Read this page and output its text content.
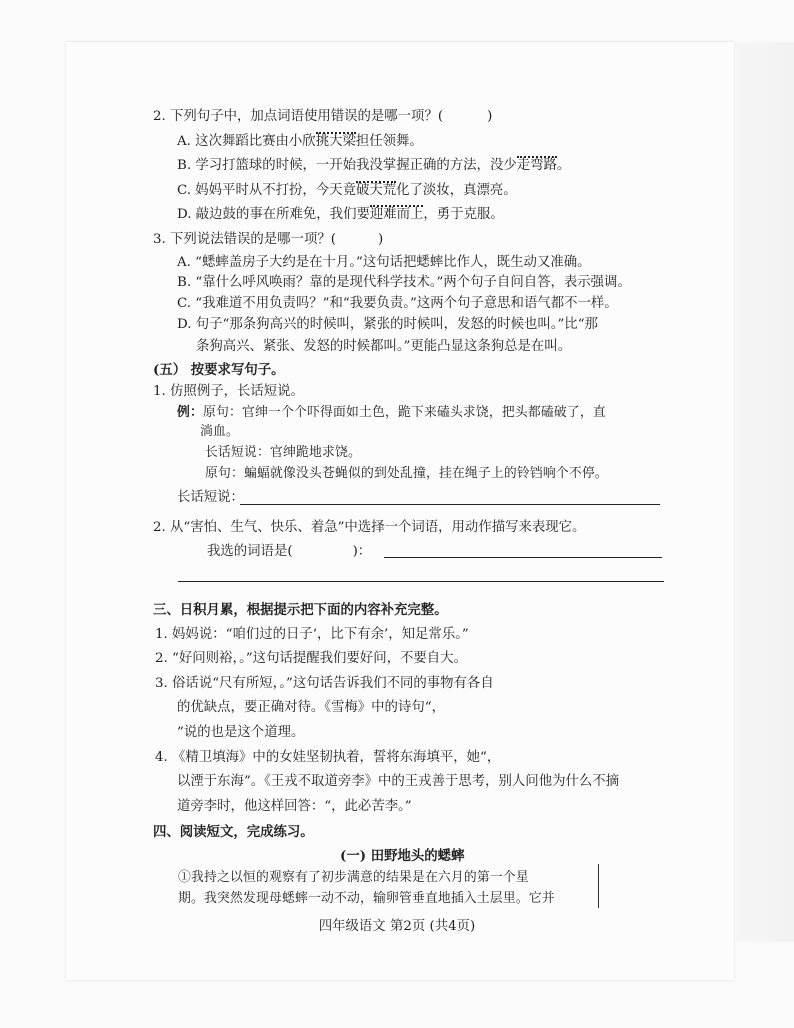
2. 下列句子中，加点词语使用错误的是哪一项？(	)
A. 这次舞蹈比赛由小欣挑大梁担任领舞。
B. 学习打篮球的时候，一开始我没掌握正确的方法，没少走弯路。
C. 妈妈平时从不打扮，今天竟破天荒化了淡妆，真漂亮。
D. 敲边鼓的事在所难免，我们要迎难而上，勇于克服。
3. 下列说法错误的是哪一项？(	)
A. “蟋蟀盖房子大约是在十月。”这句话把蟋蟀比作人，既生动又准确。
B. “靠什么呼风唤雨？靠的是现代科学技术。”两个句子自问自答，表示强调。
C. “我难道不用负责吗？”和“我要负责。”这两个句子意思和语气都不一样。
D. 句子“那条狗高兴的时候叫，紧张的时候叫，发怒的时候也叫。”比“那
条狗高兴、紧张、发怒的时候都叫。”更能凸显这条狗总是在叫。
(五） 按要求写句子。
1. 仿照例子，长话短说。
例：原句：官绅一个个吓得面如土色，跪下来磕头求饶，把头都磕破了，直
淌血。
长话短说：官绅跪地求饶。
原句：蝙蝠就像没头苍蝇似的到处乱撞，挂在绳子上的铃铛响个不停。
长话短说：
2. 从“害怕、生气、快乐、着急”中选择一个词语，用动作描写来表现它。
我选的词语是(	)：
三、日积月累，根据提示把下面的内容补充完整。
1. 妈妈说：“咱们过的日子‘，比下有余’，知足常乐。”
2. “好问则裕，。”这句话提醒我们要好问，不要自大。
3. 俗话说“尺有所短，。”这句话告诉我们不同的事物有各自
的优缺点，要正确对待。《雪梅》中的诗句“，
”说的也是这个道理。
4. 《精卫填海》中的女娃坚韧执着，誓将东海填平，她“，
以湮于东海”。《王戎不取道旁李》中的王戎善于思考，别人问他为什么不摘
道旁李时，他这样回答：“，此必苦李。”
四、阅读短文，完成练习。
(一) 田野地头的蟋蟀
①我持之以恒的观察有了初步满意的结果是在六月的第一个星
期。我突然发现母蟋蟀一动不动，输卵管垂直地插入土层里。它并
四年级语文 第2页 (共4页)
